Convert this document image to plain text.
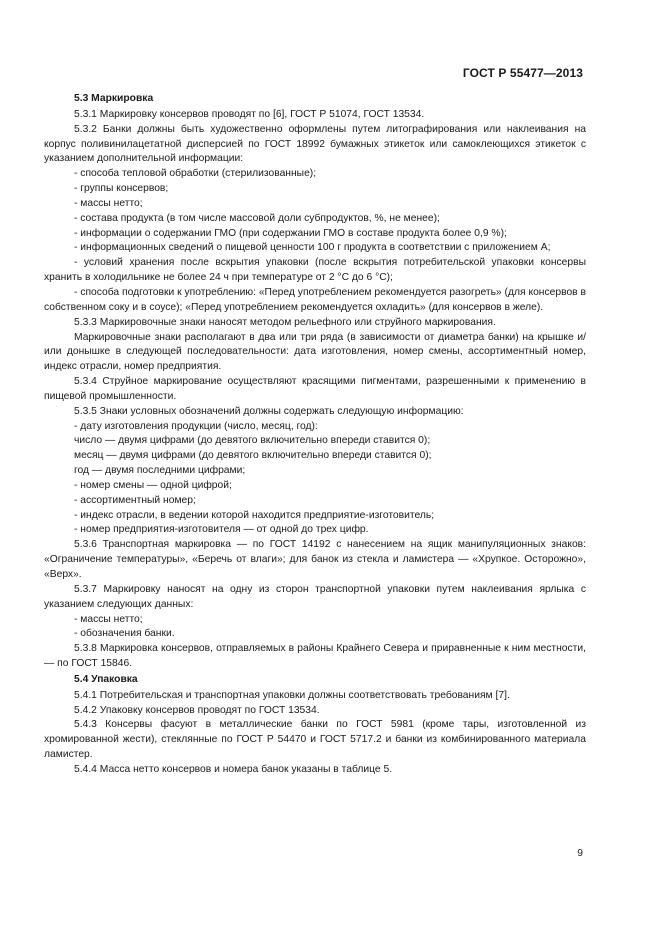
ГОСТ Р 55477—2013

5.3 Маркировка

5.3.1 Маркировку консервов проводят по [6], ГОСТ Р 51074, ГОСТ 13534.

5.3.2 Банки должны быть художественно оформлены путем литографирования или наклеивания на корпус поливинилацетатной дисперсией по ГОСТ 18992 бумажных этикеток или самоклеющихся этикеток с указанием дополнительной информации:

- способа тепловой обработки (стерилизованные);

- группы консервов;

- массы нетто;

- состава продукта (в том числе массовой доли субпродуктов, %, не менее);

- информации о содержании ГМО (при содержании ГМО в составе продукта более 0,9 %);

- информационных сведений о пищевой ценности 100 г продукта в соответствии с приложением А;

- условий хранения после вскрытия упаковки (после вскрытия потребительской упаковки консервы хранить в холодильнике не более 24 ч при температуре от 2 °С до 6 °С);

- способа подготовки к употреблению: «Перед употреблением рекомендуется разогреть» (для консервов в собственном соку и в соусе); «Перед употреблением рекомендуется охладить» (для консервов в желе).

5.3.3 Маркировочные знаки наносят методом рельефного или струйного маркирования.

Маркировочные знаки располагают в два или три ряда (в зависимости от диаметра банки) на крышке и/или донышке в следующей последовательности: дата изготовления, номер смены, ассортиментный номер, индекс отрасли, номер предприятия.

5.3.4 Струйное маркирование осуществляют красящими пигментами, разрешенными к применению в пищевой промышленности.

5.3.5 Знаки условных обозначений должны содержать следующую информацию:

- дату изготовления продукции (число, месяц, год):

число — двумя цифрами (до девятого включительно впереди ставится 0);

месяц — двумя цифрами (до девятого включительно впереди ставится 0);

год — двумя последними цифрами;

- номер смены — одной цифрой;

- ассортиментный номер;

- индекс отрасли, в ведении которой находится предприятие-изготовитель;

- номер предприятия-изготовителя — от одной до трех цифр.

5.3.6 Транспортная маркировка — по ГОСТ 14192 с нанесением на ящик манипуляционных знаков: «Ограничение температуры», «Беречь от влаги»; для банок из стекла и ламистера — «Хрупкое. Осторожно», «Верх».

5.3.7 Маркировку наносят на одну из сторон транспортной упаковки путем наклеивания ярлыка с указанием следующих данных:

- массы нетто;

- обозначения банки.

5.3.8 Маркировка консервов, отправляемых в районы Крайнего Севера и приравненные к ним местности, — по ГОСТ 15846.

5.4 Упаковка

5.4.1 Потребительская и транспортная упаковки должны соответствовать требованиям [7].

5.4.2 Упаковку консервов проводят по ГОСТ 13534.

5.4.3 Консервы фасуют в металлические банки по ГОСТ 5981 (кроме тары, изготовленной из хромированной жести), стеклянные по ГОСТ Р 54470 и ГОСТ 5717.2 и банки из комбинированного материала ламистер.

5.4.4 Масса нетто консервов и номера банок указаны в таблице 5.

9
